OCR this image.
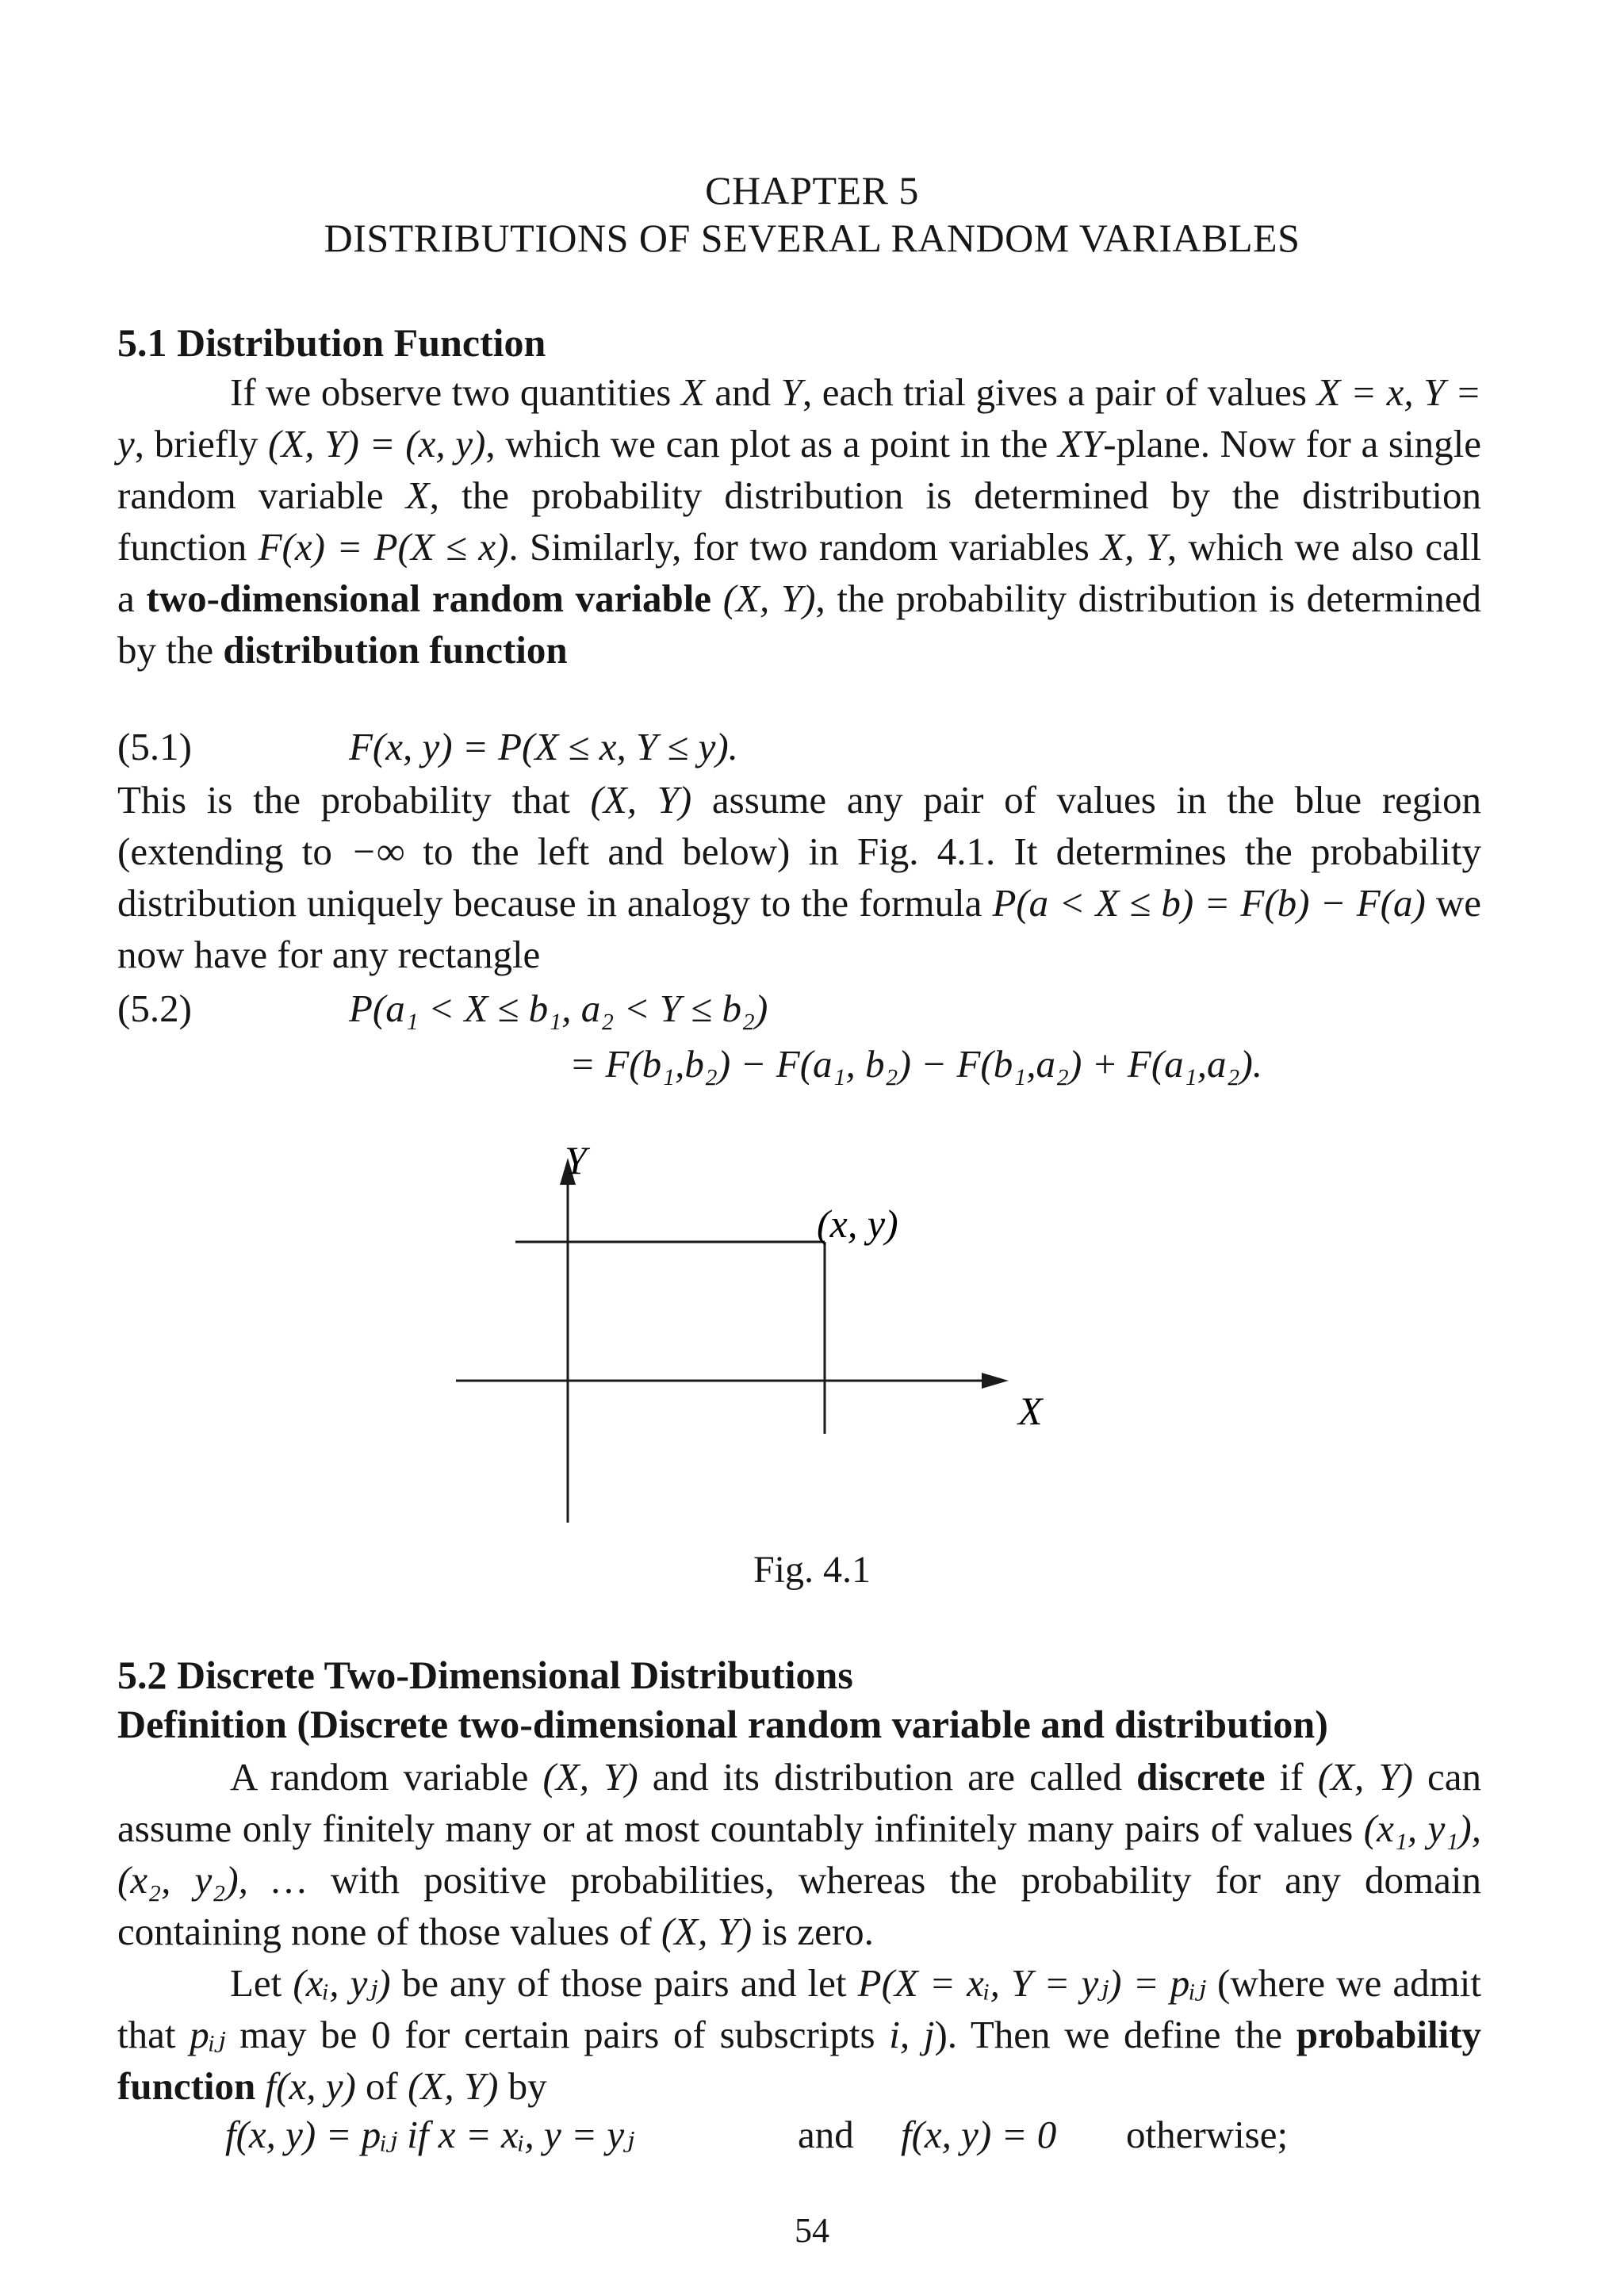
CHAPTER 5
DISTRIBUTIONS OF SEVERAL RANDOM VARIABLES
5.1 Distribution Function

If we observe two quantities X and Y, each trial gives a pair of values X = x, Y = y, briefly (X, Y) = (x, y), which we can plot as a point in the XY-plane. Now for a single random variable X, the probability distribution is determined by the distribution function F(x) = P(X ≤ x). Similarly, for two random variables X, Y, which we also call a two-dimensional random variable (X, Y), the probability distribution is determined by the distribution function

(5.1)	F(x, y) = P(X ≤ x, Y ≤ y).

This is the probability that (X, Y) assume any pair of values in the blue region (extending to −∞ to the left and below) in Fig. 4.1. It determines the probability distribution uniquely because in analogy to the formula P(a < X ≤ b) = F(b) − F(a) we now have for any rectangle

(5.2)	P(a₁ < X ≤ b₁, a₂ < Y ≤ b₂)
= F(b₁,b₂) − F(a₁, b₂) − F(b₁,a₂) + F(a₁,a₂).
Y
X
(x, y)
Fig. 4.1
5.2 Discrete Two-Dimensional Distributions
Definition (Discrete two-dimensional random variable and distribution)

A random variable (X, Y) and its distribution are called discrete if (X, Y) can assume only finitely many or at most countably infinitely many pairs of values (x₁, y₁), (x₂, y₂), … with positive probabilities, whereas the probability for any domain containing none of those values of (X, Y) is zero.

Let (xᵢ, yⱼ) be any of those pairs and let P(X = xᵢ, Y = yⱼ) = pᵢⱼ (where we admit that pᵢⱼ may be 0 for certain pairs of subscripts i, j). Then we define the probability function f(x, y) of (X, Y) by

f(x, y) = pᵢⱼ if x = xᵢ, y = yⱼ	and f(x, y) = 0 otherwise;
54
